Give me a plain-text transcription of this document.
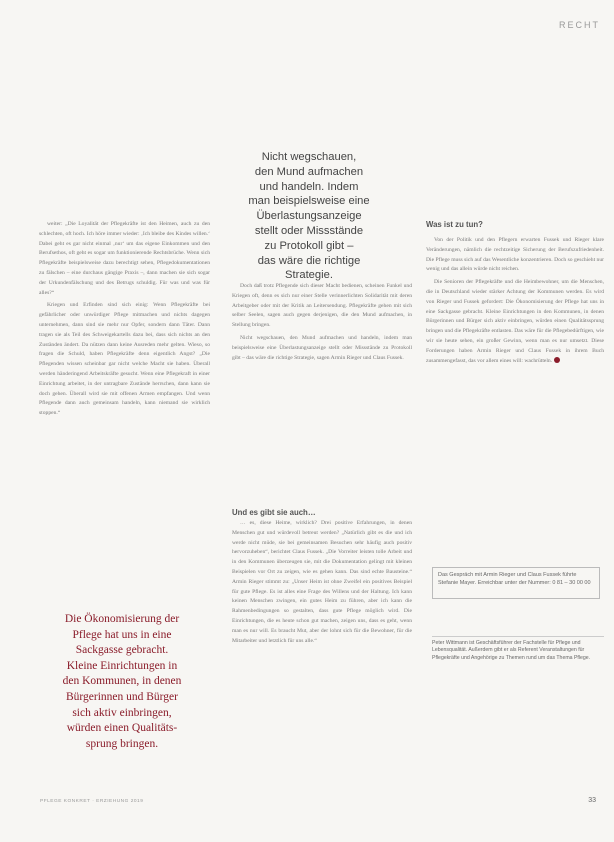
RECHT

Nicht wegschauen,

den Mund aufmachen

und handeln. Indem

man beispielsweise eine

Überlastungsanzeige

stellt oder Missstände

zu Protokoll gibt –

das wäre die richtige

Strategie.

weiter: „Die Loyalität der Pflegekräfte ist den Heimen, auch zu den schlechten, oft hoch. Ich höre immer wieder: ‚Ich bleibe des Kindes willen.‘ Dabei geht es gar nicht einmal ‚nur‘ um das eigene Einkommen und den Berufsethos, oft geht es sogar um funktionierende Rechtsbrüche. Wenn sich Pflegekräfte beispielsweise dazu berechtigt sehen, Pflegedokumentationen zu fälschen – eine durchaus gängige Praxis –, dann machen sie sich sogar der Urkundenfälschung und des Betrugs schuldig. Für was und was für alles?“

Kriegen und Erfinden sind sich einig: Wenn Pflegekräfte bei gefährlicher oder unwürdiger Pflege mitmachen und nichts dagegen unternehmen, dann sind sie mehr nur Opfer, sondern dann Täter. Dann tragen sie als Teil des Schweigekartells dazu bei, dass sich nichts an den Zuständen ändert. Da nützen dann keine Ausreden mehr gelten. Wieso, so fragen die Schuld, haben Pflegekräfte denn eigentlich Angst? „Die Pflegenden wissen scheinbar gar nicht welche Macht sie haben. Überall werden händeringend Arbeitskräfte gesucht. Wenn eine Pflegekraft in einer Einrichtung arbeitet, in der untragbare Zustände herrschen, dann kann sie doch gehen. Überall wird sie mit offenen Armen empfangen. Und wenn Pflegende dann auch gemeinsam handeln, kann niemand sie wirklich stoppen.“

Doch daß trotz Pflegende sich dieser Macht bedienen, scheinen Funkel und Kriegen oft, denn es sich nur einer Stelle verinnerlichten Solidarität mit deren Arbeitgeber oder mit der Kritik an Leitersendung. Pflegekräfte gehen mit sich selber Seelen, sagen auch gegen derjenigen, die den Mund aufmachen, in Stellung bringen.

Nicht wegschauen, den Mund aufmachen und handeln, indem man beispielsweise eine Überlastungsanzeige stellt oder Missstände zu Protokoll gibt – das wäre die richtige Strategie, sagen Armin Rieger und Claus Fussek.

Und es gibt sie auch…

… es, diese Heime, wirklich? Drei positive Erfahrungen, in denen Menschen gut und würdevoll betreut werden? „Natürlich gibt es die und ich werde nicht müde, sie bei gemeinsamen Besuchen sehr häufig auch positiv hervorzuheben“, berichtet Claus Fussek. „Die Vorreiter leisten tolle Arbeit und in den Kommunen überzeugen sie, mit die Dokumentation gelingt mit kleinen Beispielen vor Ort zu zeigen, wie es gehen kann. Das sind echte Bausteine.“ Armin Rieger stimmt zu: „Unser Heim ist ohne Zweifel ein positives Beispiel für gute Pflege. Es ist alles eine Frage des Willens und der Haltung. Ich kann keinen Menschen zwingen, ein gutes Heim zu führen, aber ich kann die Rahmenbedingungen so gestalten, dass gute Pflege möglich wird. Die Einrichtungen, die es heute schon gut machen, zeigen uns, dass es geht, wenn man es nur will. Es braucht Mut, aber der lohnt sich für die Bewohner, für die Mitarbeiter und letztlich für uns alle.“

Was ist zu tun?

Von der Politik und den Pflegern erwarten Fussek und Rieger klare Veränderungen, nämlich die rechtzeitige Sicherung der Berufszufriedenheit. Die Pflege muss sich auf das Wesentliche konzentrieren. Doch so geschieht nur wenig und das allein würde nicht reichen.

Die Senioren der Pflegekräfte und die Heimbewohner, um die Menschen, die in Deutschland wieder stärker Achtung der Kommunen werden. Es wird von Rieger und Fussek gefordert: Die Ökonomisierung der Pflege hat uns in eine Sackgasse gebracht. Kleine Einrichtungen in den Kommunen, in denen Bürgerinnen und Bürger sich aktiv einbringen, würden einen Qualitätssprung bringen und die Pflegekräfte entlasten. Das wäre für die Pflegebedürftigen, wie wir sie heute sehen, ein großer Gewinn, wenn man es nur umsetzt. Diese Forderungen haben Armin Rieger und Claus Fussek in ihrem Buch zusammengefasst, das vor allem eines will: wachrütteln.

Die Ökonomisierung der

Pflege hat uns in eine

Sackgasse gebracht.

Kleine Einrichtungen in

den Kommunen, in denen

Bürgerinnen und Bürger

sich aktiv einbringen,

würden einen Qualitäts-

sprung bringen.

Das Gespräch mit Armin Rieger und Claus Fussek führte Stefanie Mayer. Erreichbar unter der Nummer: 0 81 – 30 00 00
Peter Wittmann ist Geschäftsführer der Fachstelle für Pflege und Lebensqualität. Außerdem gibt er als Referent Veranstaltungen für Pflegekräfte und Angehörige zu Themen rund um das Thema Pflege.
PFLEGE KONKRET · ERZIEHUNG 2019	33
